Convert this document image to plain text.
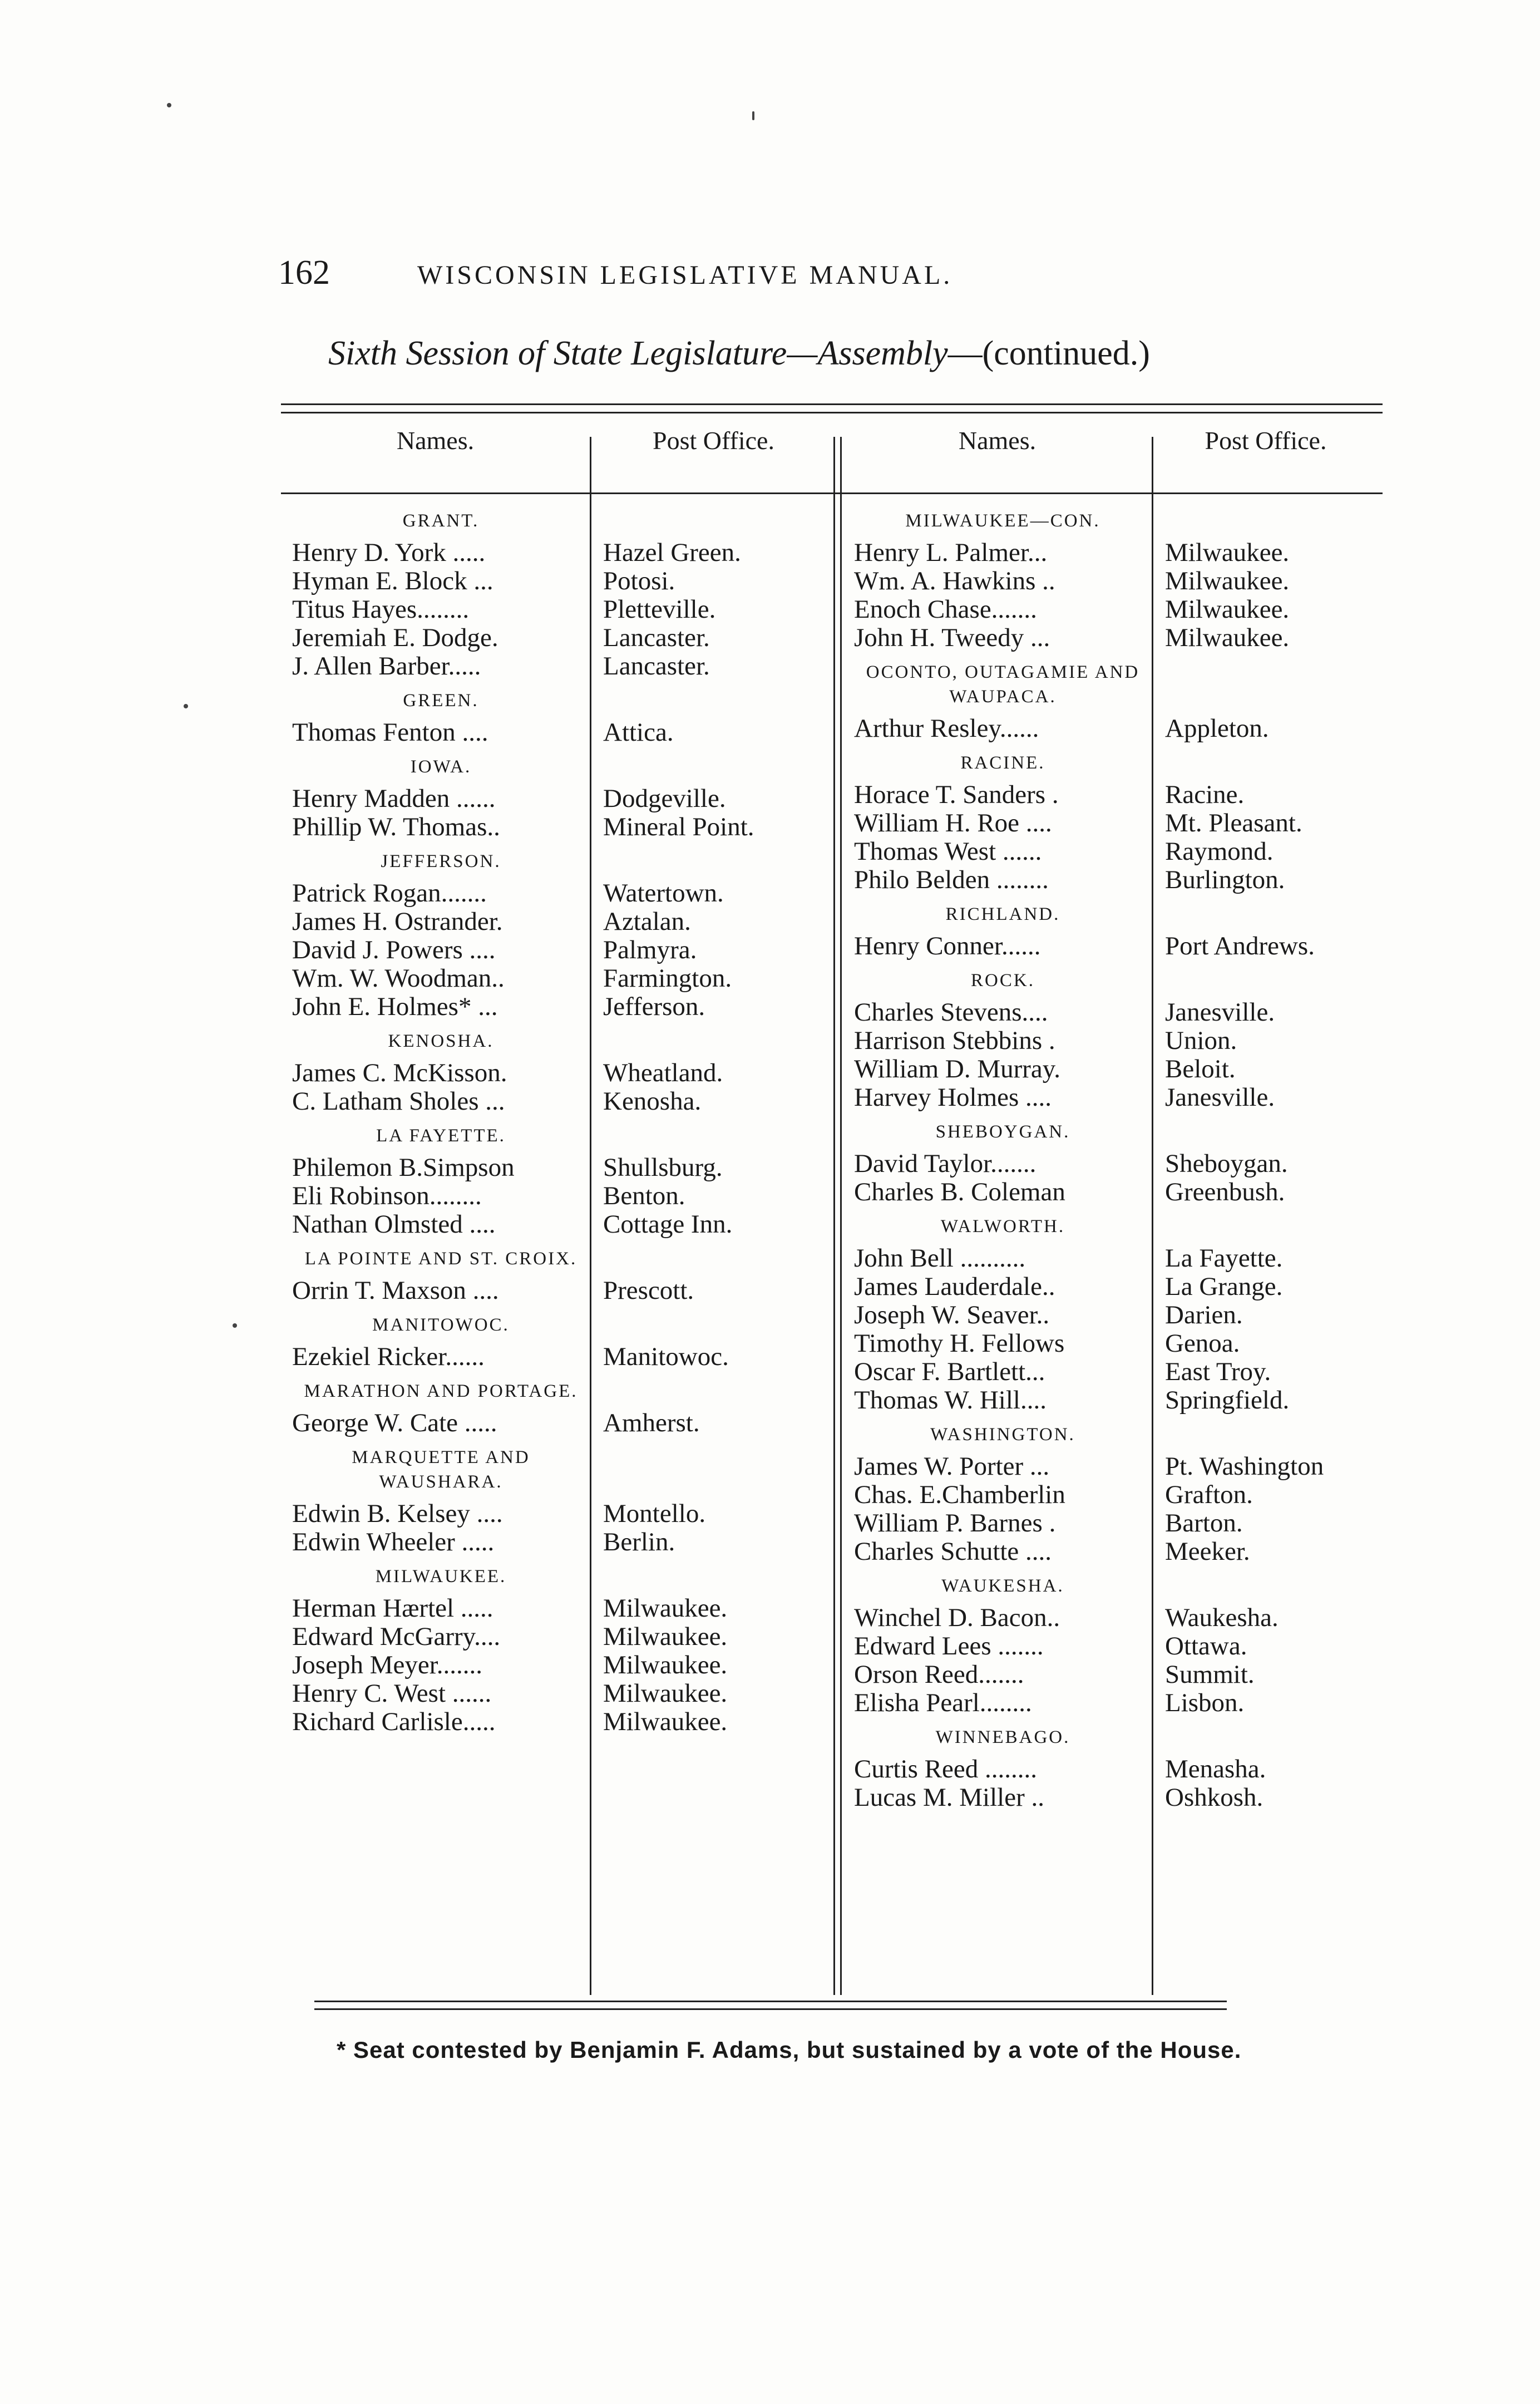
162	WISCONSIN LEGISLATIVE MANUAL.
Sixth Session of State Legislature—Assembly—(continued.)
Names.	Post Office.	Names.	Post Office.
GRANT.
Henry D. York .....	Hazel Green.
Hyman E. Block ...	Potosi.
Titus Hayes........	Pletteville.
Jeremiah E. Dodge.	Lancaster.
J. Allen Barber.....	Lancaster.
GREEN.
Thomas Fenton ....	Attica.
IOWA.
Henry Madden ......	Dodgeville.
Phillip W. Thomas..	Mineral Point.
JEFFERSON.
Patrick Rogan.......	Watertown.
James H. Ostrander.	Aztalan.
David J. Powers ....	Palmyra.
Wm. W. Woodman..	Farmington.
John E. Holmes* ...	Jefferson.
KENOSHA.
James C. McKisson.	Wheatland.
C. Latham Sholes ...	Kenosha.
LA FAYETTE.
Philemon B.Simpson	Shullsburg.
Eli Robinson........	Benton.
Nathan Olmsted ....	Cottage Inn.
LA POINTE AND ST. CROIX.
Orrin T. Maxson ....	Prescott.
MANITOWOC.
Ezekiel Ricker......	Manitowoc.
MARATHON AND PORTAGE.
George W. Cate .....	Amherst.
MARQUETTE AND WAUSHARA.
Edwin B. Kelsey ....	Montello.
Edwin Wheeler .....	Berlin.
MILWAUKEE.
Herman Hærtel .....	Milwaukee.
Edward McGarry....	Milwaukee.
Joseph Meyer.......	Milwaukee.
Henry C. West ......	Milwaukee.
Richard Carlisle.....	Milwaukee.
MILWAUKEE—CON.
Henry L. Palmer...	Milwaukee.
Wm. A. Hawkins ..	Milwaukee.
Enoch Chase.......	Milwaukee.
John H. Tweedy ...	Milwaukee.
OCONTO, OUTAGAMIE AND WAUPACA.
Arthur Resley......	Appleton.
RACINE.
Horace T. Sanders .	Racine.
William H. Roe ....	Mt. Pleasant.
Thomas West ......	Raymond.
Philo Belden ........	Burlington.
RICHLAND.
Henry Conner......	Port Andrews.
ROCK.
Charles Stevens....	Janesville.
Harrison Stebbins .	Union.
William D. Murray.	Beloit.
Harvey Holmes ....	Janesville.
SHEBOYGAN.
David Taylor.......	Sheboygan.
Charles B. Coleman	Greenbush.
WALWORTH.
John Bell ..........	La Fayette.
James Lauderdale..	La Grange.
Joseph W. Seaver..	Darien.
Timothy H. Fellows	Genoa.
Oscar F. Bartlett...	East Troy.
Thomas W. Hill....	Springfield.
WASHINGTON.
James W. Porter ...	Pt. Washington
Chas. E.Chamberlin	Grafton.
William P. Barnes .	Barton.
Charles Schutte ....	Meeker.
WAUKESHA.
Winchel D. Bacon..	Waukesha.
Edward Lees .......	Ottawa.
Orson Reed.......	Summit.
Elisha Pearl........	Lisbon.
WINNEBAGO.
Curtis Reed ........	Menasha.
Lucas M. Miller ..	Oshkosh.
* Seat contested by Benjamin F. Adams, but sustained by a vote of the House.
